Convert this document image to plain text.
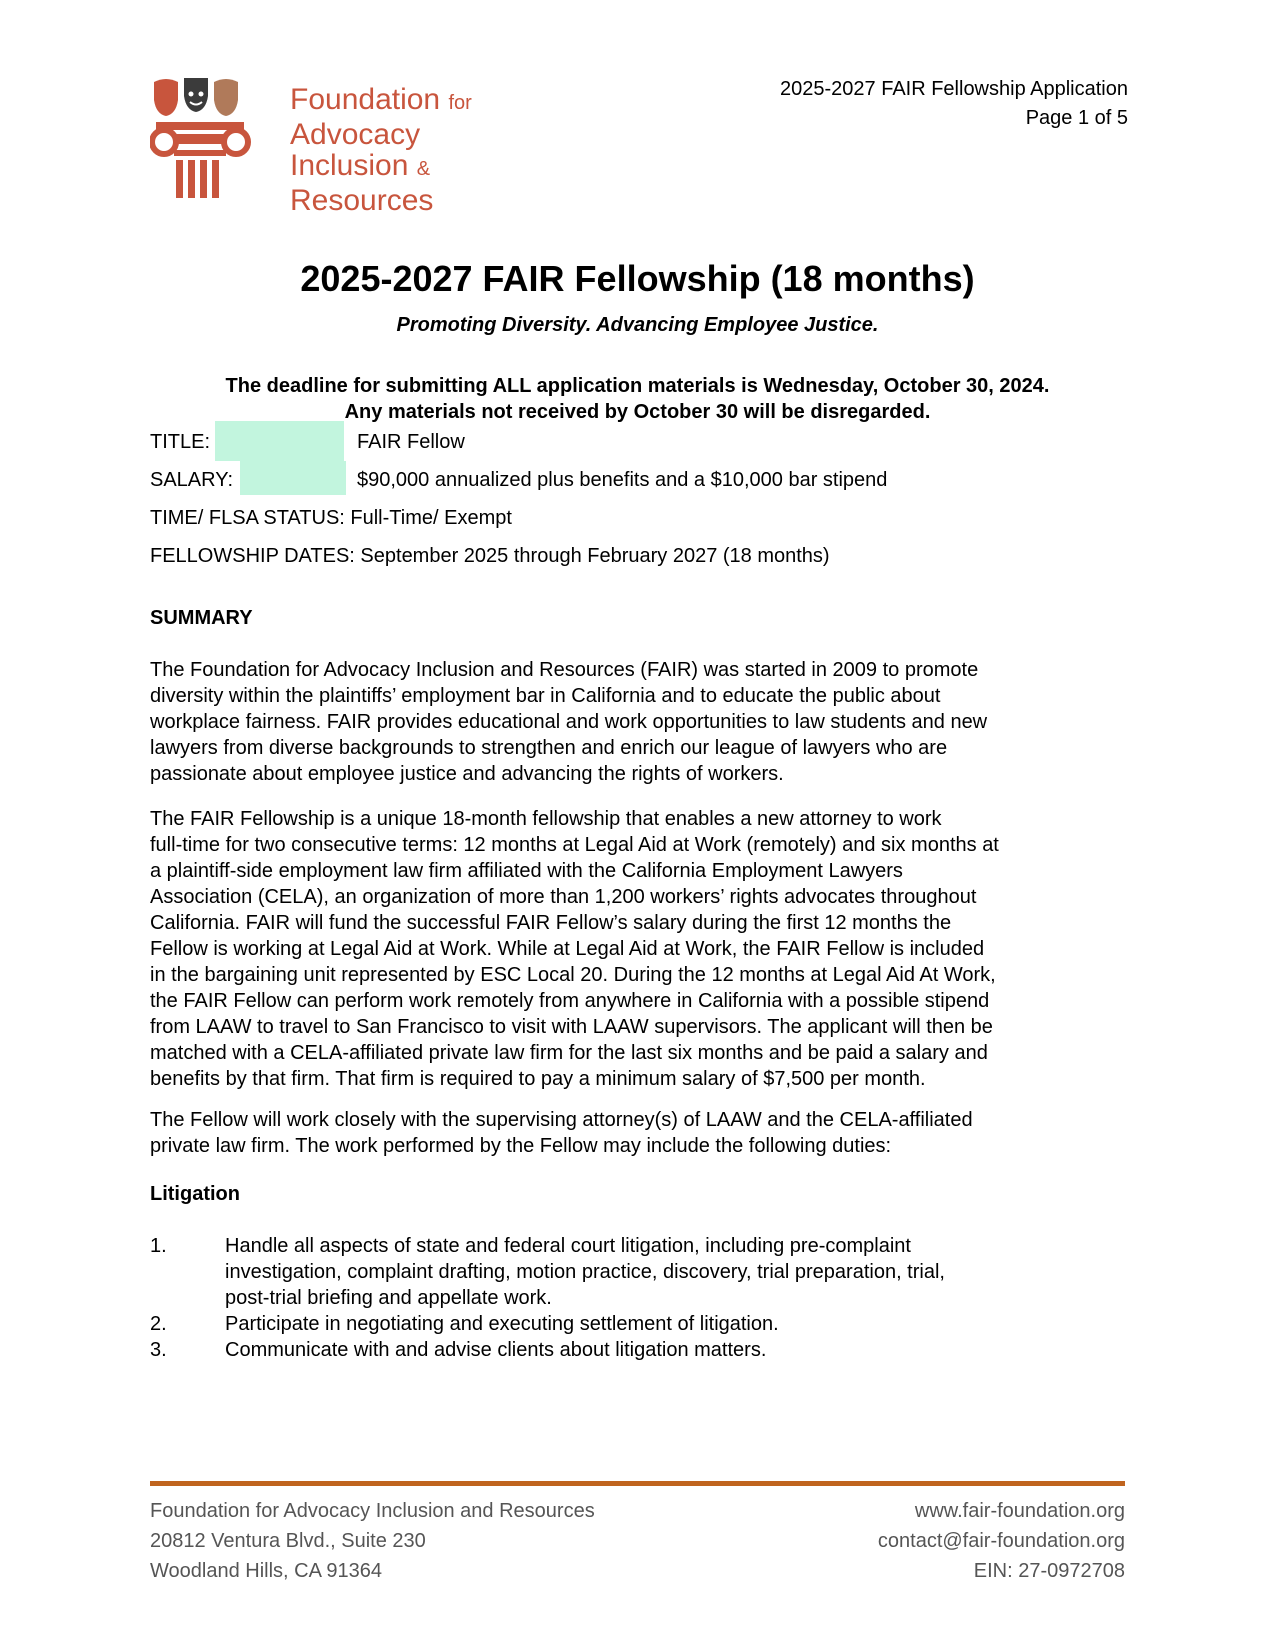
Foundation for
Advocacy
Inclusion &
Resources
2025-2027 FAIR Fellowship Application
Page 1 of 5
2025-2027 FAIR Fellowship (18 months)
Promoting Diversity. Advancing Employee Justice.
The deadline for submitting ALL application materials is Wednesday, October 30, 2024.
Any materials not received by October 30 will be disregarded.
TITLE:	FAIR Fellow
SALARY:	$90,000 annualized plus benefits and a $10,000 bar stipend
TIME/ FLSA STATUS: Full-Time/ Exempt
FELLOWSHIP DATES: September 2025 through February 2027 (18 months)
SUMMARY
The Foundation for Advocacy Inclusion and Resources (FAIR) was started in 2009 to promote
diversity within the plaintiffs’ employment bar in California and to educate the public about
workplace fairness. FAIR provides educational and work opportunities to law students and new
lawyers from diverse backgrounds to strengthen and enrich our league of lawyers who are
passionate about employee justice and advancing the rights of workers.
The FAIR Fellowship is a unique 18-month fellowship that enables a new attorney to work
full-time for two consecutive terms: 12 months at Legal Aid at Work (remotely) and six months at
a plaintiff-side employment law firm affiliated with the California Employment Lawyers
Association (CELA), an organization of more than 1,200 workers’ rights advocates throughout
California. FAIR will fund the successful FAIR Fellow’s salary during the first 12 months the
Fellow is working at Legal Aid at Work. While at Legal Aid at Work, the FAIR Fellow is included
in the bargaining unit represented by ESC Local 20. During the 12 months at Legal Aid At Work,
the FAIR Fellow can perform work remotely from anywhere in California with a possible stipend
from LAAW to travel to San Francisco to visit with LAAW supervisors. The applicant will then be
matched with a CELA-affiliated private law firm for the last six months and be paid a salary and
benefits by that firm. That firm is required to pay a minimum salary of $7,500 per month.
The Fellow will work closely with the supervising attorney(s) of LAAW and the CELA-affiliated
private law firm. The work performed by the Fellow may include the following duties:
Litigation
1.	Handle all aspects of state and federal court litigation, including pre-complaint
investigation, complaint drafting, motion practice, discovery, trial preparation, trial,
post-trial briefing and appellate work.
2.	Participate in negotiating and executing settlement of litigation.
3.	Communicate with and advise clients about litigation matters.
Foundation for Advocacy Inclusion and Resources
20812 Ventura Blvd., Suite 230
Woodland Hills, CA 91364
www.fair-foundation.org
contact@fair-foundation.org
EIN: 27-0972708
